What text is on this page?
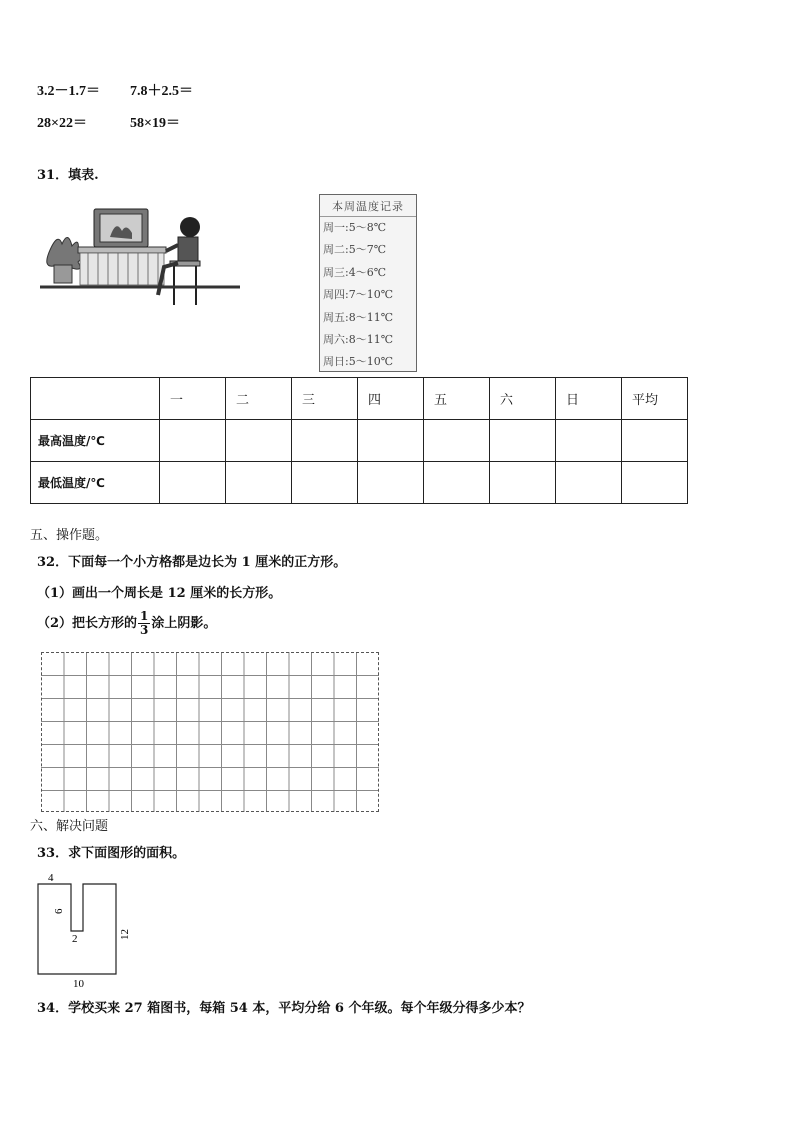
3.2－1.7＝ 7.8＋2.5＝
28×22＝	58×19＝
31．填表.
本周温度记录
周一:5～8℃
周二:5～7℃
周三:4～6℃
周四:7～10℃
周五:8～11℃
周六:8～11℃
周日:5～10℃
	一	二	三	四	五	六	日	平均
最高温度/℃								
最低温度/℃								
五、操作题。
32．下面每一个小方格都是边长为 1 厘米的正方形。
（1）画出一个周长是 12 厘米的长方形。
（2）把长方形的 $\frac{1}{3}$ 涂上阴影。
六、解决问题
33．求下面图形的面积。
4
6
2	12
10
34．学校买来 27 箱图书，每箱 54 本，平均分给 6 个年级。每个年级分得多少本？
